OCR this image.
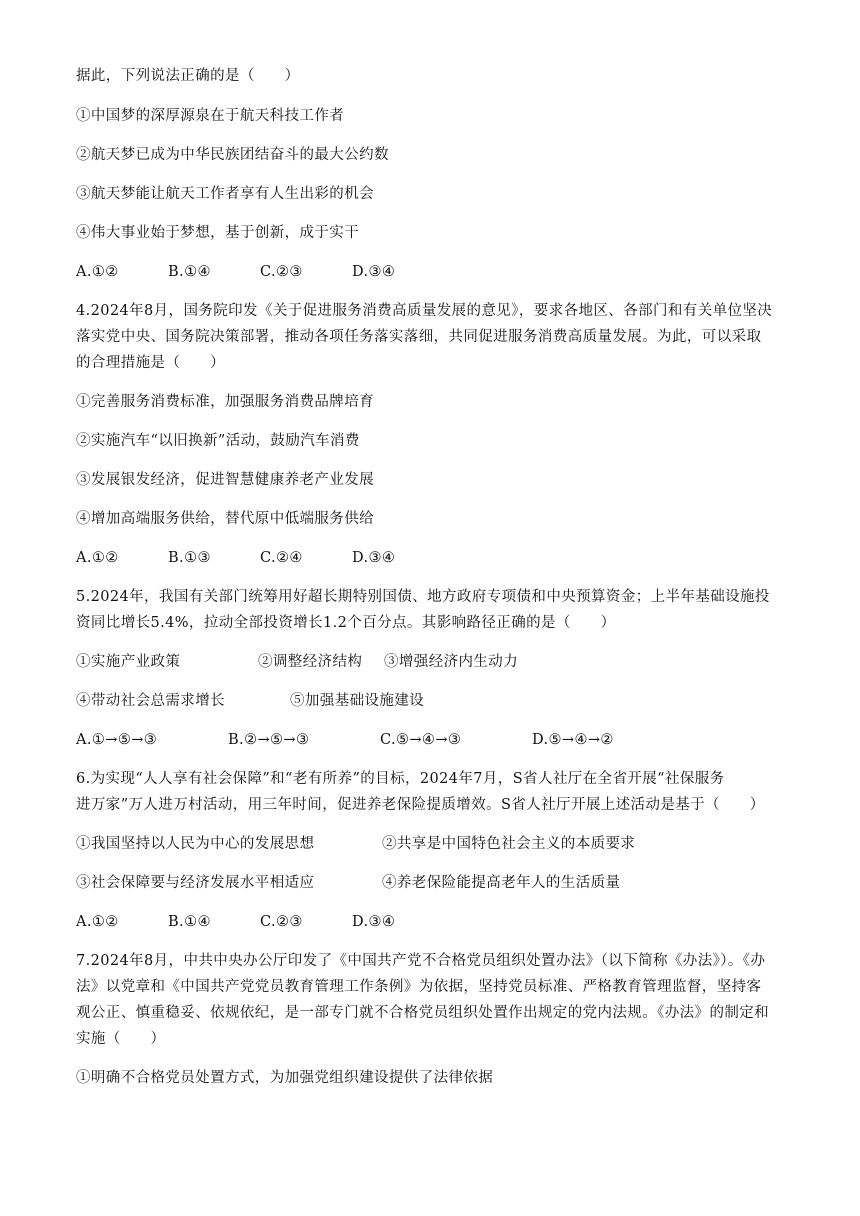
据此，下列说法正确的是（　　）
①中国梦的深厚源泉在于航天科技工作者
②航天梦已成为中华民族团结奋斗的最大公约数
③航天梦能让航天工作者享有人生出彩的机会
④伟大事业始于梦想，基于创新，成于实干
A.①②	B.①④	C.②③	D.③④
4.2024年8月，国务院印发《关于促进服务消费高质量发展的意见》，要求各地区、各部门和有关单位坚决
落实党中央、国务院决策部署，推动各项任务落实落细，共同促进服务消费高质量发展。为此，可以采取
的合理措施是（　　）
①完善服务消费标准，加强服务消费品牌培育
②实施汽车“以旧换新”活动，鼓励汽车消费
③发展银发经济，促进智慧健康养老产业发展
④增加高端服务供给，替代原中低端服务供给
A.①②	B.①③	C.②④	D.③④
5.2024年，我国有关部门统筹用好超长期特别国债、地方政府专项债和中央预算资金；上半年基础设施投
资同比增长5.4%，拉动全部投资增长1.2个百分点。其影响路径正确的是（　　）
①实施产业政策	②调整经济结构 ③增强经济内生动力
④带动社会总需求增长	⑤加强基础设施建设
A.①→⑤→③	B.②→⑤→③	C.⑤→④→③	D.⑤→④→②
6.为实现“人人享有社会保障”和“老有所养”的目标，2024年7月，S省人社厅在全省开展“社保服务
进万家”万人进万村活动，用三年时间，促进养老保险提质增效。S省人社厅开展上述活动是基于（　　）
①我国坚持以人民为中心的发展思想	②共享是中国特色社会主义的本质要求
③社会保障要与经济发展水平相适应	④养老保险能提高老年人的生活质量
A.①②	B.①④	C.②③	D.③④
7.2024年8月，中共中央办公厅印发了《中国共产党不合格党员组织处置办法》（以下简称《办法》）。《办
法》以党章和《中国共产党党员教育管理工作条例》为依据，坚持党员标准、严格教育管理监督，坚持客
观公正、慎重稳妥、依规依纪，是一部专门就不合格党员组织处置作出规定的党内法规。《办法》的制定和
实施（　　）
①明确不合格党员处置方式，为加强党组织建设提供了法律依据
